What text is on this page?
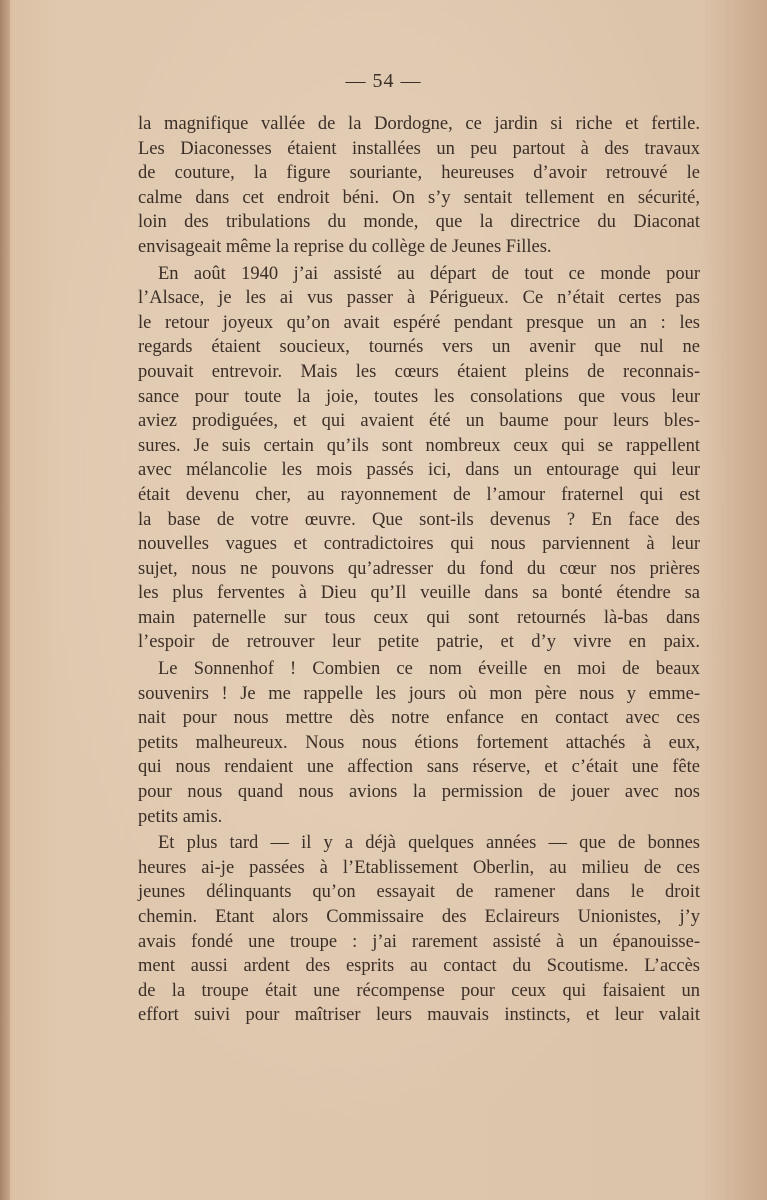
— 54 —
la magnifique vallée de la Dordogne, ce jardin si riche et fertile.
Les Diaconesses étaient installées un peu partout à des travaux
de couture, la figure souriante, heureuses d’avoir retrouvé le
calme dans cet endroit béni. On s’y sentait tellement en sécurité,
loin des tribulations du monde, que la directrice du Diaconat
envisageait même la reprise du collège de Jeunes Filles.
En août 1940 j’ai assisté au départ de tout ce monde pour
l’Alsace, je les ai vus passer à Périgueux. Ce n’était certes pas
le retour joyeux qu’on avait espéré pendant presque un an : les
regards étaient soucieux, tournés vers un avenir que nul ne
pouvait entrevoir. Mais les cœurs étaient pleins de reconnais-
sance pour toute la joie, toutes les consolations que vous leur
aviez prodiguées, et qui avaient été un baume pour leurs bles-
sures. Je suis certain qu’ils sont nombreux ceux qui se rappellent
avec mélancolie les mois passés ici, dans un entourage qui leur
était devenu cher, au rayonnement de l’amour fraternel qui est
la base de votre œuvre. Que sont-ils devenus ? En face des
nouvelles vagues et contradictoires qui nous parviennent à leur
sujet, nous ne pouvons qu’adresser du fond du cœur nos prières
les plus ferventes à Dieu qu’Il veuille dans sa bonté étendre sa
main paternelle sur tous ceux qui sont retournés là-bas dans
l’espoir de retrouver leur petite patrie, et d’y vivre en paix.
Le Sonnenhof ! Combien ce nom éveille en moi de beaux
souvenirs ! Je me rappelle les jours où mon père nous y emme-
nait pour nous mettre dès notre enfance en contact avec ces
petits malheureux. Nous nous étions fortement attachés à eux,
qui nous rendaient une affection sans réserve, et c’était une fête
pour nous quand nous avions la permission de jouer avec nos
petits amis.
Et plus tard — il y a déjà quelques années — que de bonnes
heures ai-je passées à l’Etablissement Oberlin, au milieu de ces
jeunes délinquants qu’on essayait de ramener dans le droit
chemin. Etant alors Commissaire des Eclaireurs Unionistes, j’y
avais fondé une troupe : j’ai rarement assisté à un épanouisse-
ment aussi ardent des esprits au contact du Scoutisme. L’accès
de la troupe était une récompense pour ceux qui faisaient un
effort suivi pour maîtriser leurs mauvais instincts, et leur valait
